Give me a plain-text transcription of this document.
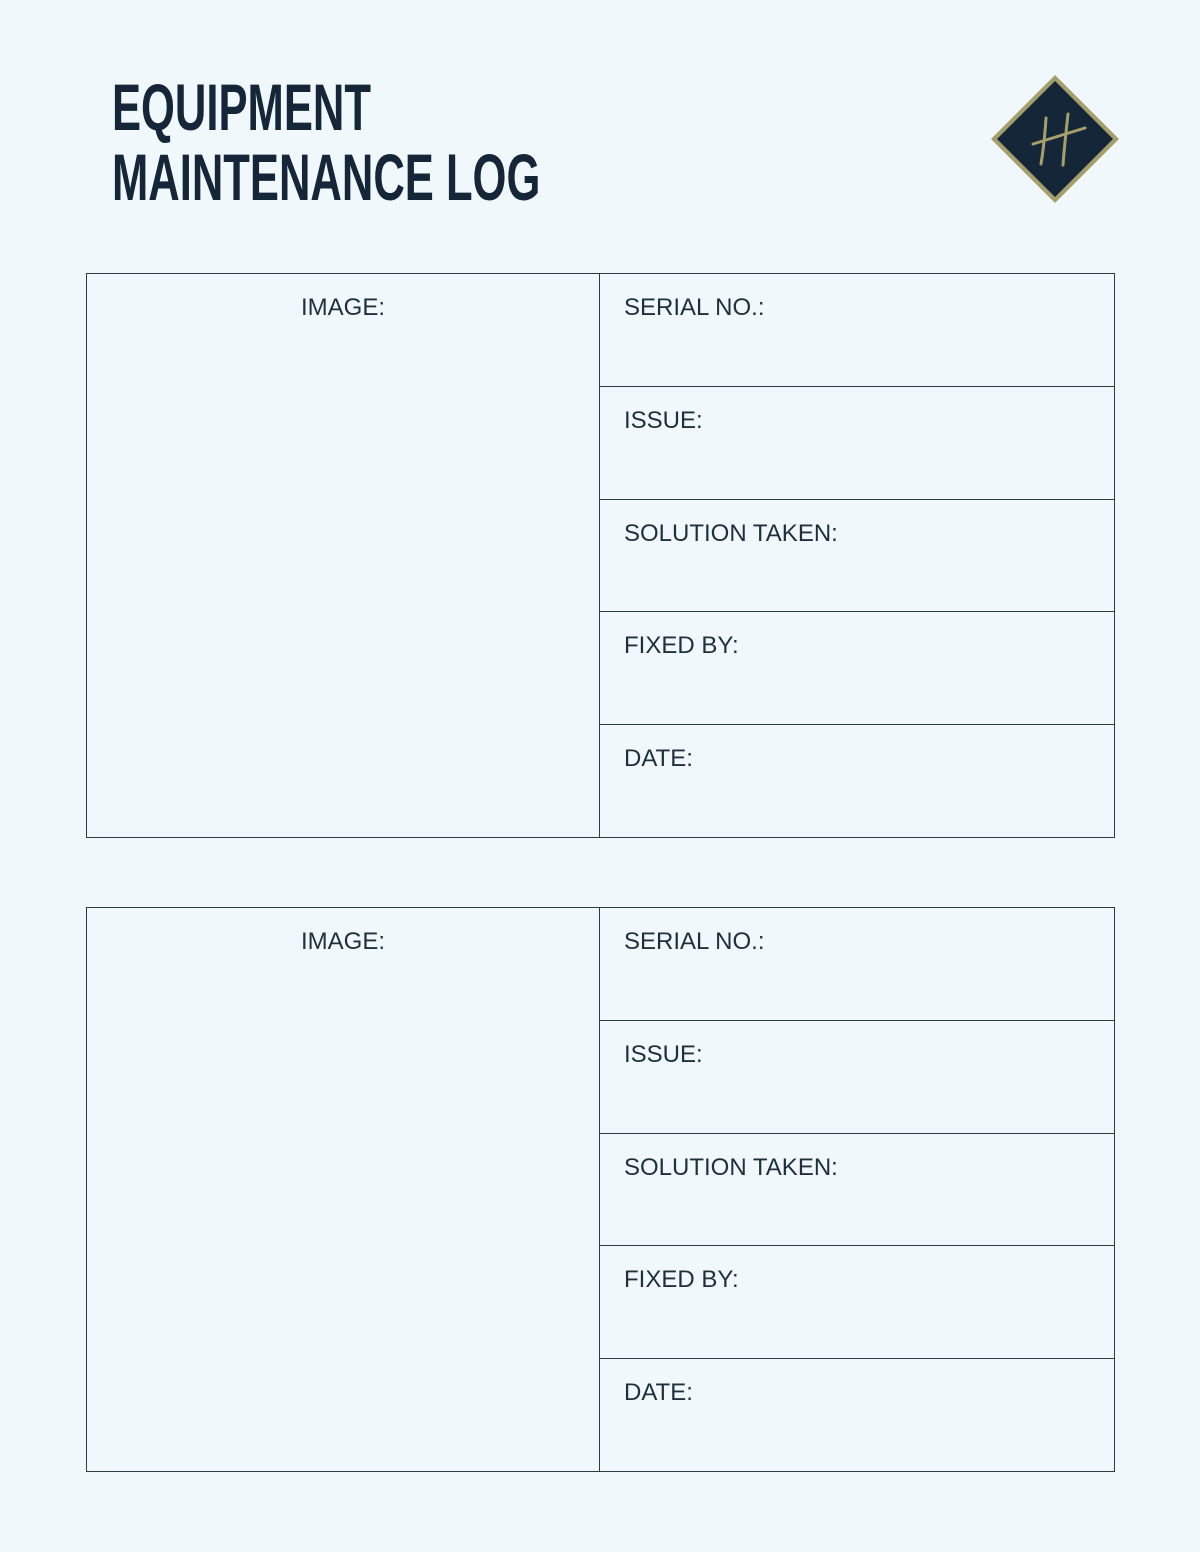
EQUIPMENT
MAINTENANCE LOG
IMAGE:	SERIAL NO.:
ISSUE:
SOLUTION TAKEN:
FIXED BY:
DATE:
IMAGE:	SERIAL NO.:
ISSUE:
SOLUTION TAKEN:
FIXED BY:
DATE:
